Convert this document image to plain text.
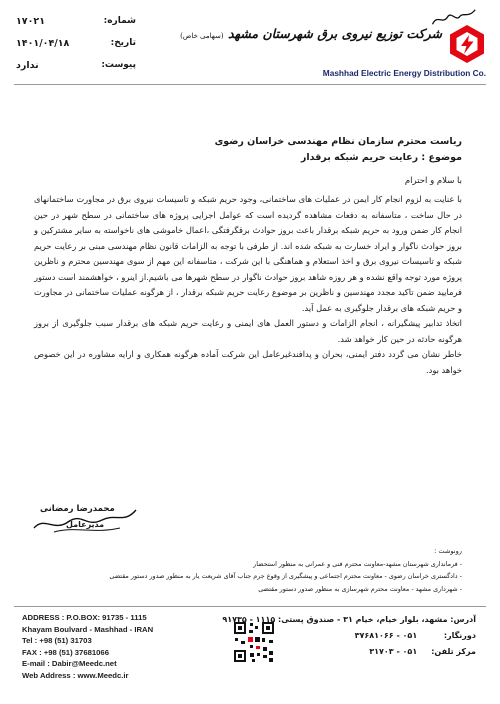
۱۷۰۲۱	شماره:
۱۴۰۱/۰۴/۱۸	تاریخ:
ندارد	پیوست:
شرکت توزیع نیروی برق شهرستان مشهد (سهامی خاص)
Mashhad Electric Energy Distribution Co.
ریاست محترم سازمان نظام مهندسی خراسان رضوی
موضوع : رعایت حریم شبکه برقدار
با سلام و احترام

با عنایت به لزوم انجام کار ایمن در عملیات های ساختمانی، وجود حریم شبکه و تاسیسات نیروی برق در مجاورت ساختمانهای در حال ساخت ، متاسفانه به دفعات مشاهده گردیده است که عوامل اجرایی پروژه های ساختمانی در سطح شهر در حین انجام کار ضمن ورود به حریم شبکه برقدار باعث بروز حوادث برقگرفتگی ،اعمال خاموشی های ناخواسته به سایر مشترکین و بروز حوادث ناگوار و ایراد خسارت به شبکه شده اند. از طرفی با توجه به الزامات قانون نظام مهندسی مبنی بر رعایت حریم شبکه و تاسیسات نیروی برق و اخذ استعلام و هماهنگی با این شرکت ، متاسفانه این مهم از سوی مهندسین محترم و ناظرین پروژه مورد توجه واقع نشده و هر روزه شاهد بروز حوادث ناگوار در سطح شهرها می باشیم.از اینرو ، خواهشمند است دستور فرمایید ضمن تاکید مجدد مهندسین و ناظرین بر موضوع رعایت حریم شبکه برقدار ، از هرگونه عملیات ساختمانی در مجاورت و حریم شبکه های برقدار جلوگیری به عمل آید.

اتخاذ تدابیر پیشگیرانه ، انجام الزامات و دستور العمل های ایمنی و رعایت حریم شبکه های برقدار سبب جلوگیری از بروز هرگونه حادثه در حین کار خواهد شد.

خاطر نشان می گردد دفتر ایمنی، بحران و پدافندغیرعامل این شرکت آماده هرگونه همکاری و ارایه مشاوره در این خصوص خواهد بود.

محمدرضا رمضانی
مدیرعامل
رونوشت :
- فرمانداری شهرستان مشهد-معاونت محترم فنی و عمرانی به منظور استحضار
- دادگستری خراسان رضوی - معاونت محترم اجتماعی و پیشگیری از وقوع جرم جناب آقای شریعت یار به منظور صدور دستور مقتضی
- شهرداری مشهد - معاونت محترم شهرسازی به منظور صدور دستور مقتضی
ADDRESS : P.O.BOX: 91735 - 1115
Khayam Boulvard - Mashhad - IRAN
Tel : +98 (51) 31703
FAX : +98 (51) 37681066
E-mail : Dabir@Meedc.net
Web Address : www.Meedc.ir
آدرس: مشهد، بلوار خیام، خیام ۳۱ - صندوق پستی: ۱۱۱۵ - ۹۱۷۳۵
دورنگار: ۰۵۱ - ۳۷۶۸۱۰۶۶
مرکز تلفن: ۰۵۱ - ۳۱۷۰۳
